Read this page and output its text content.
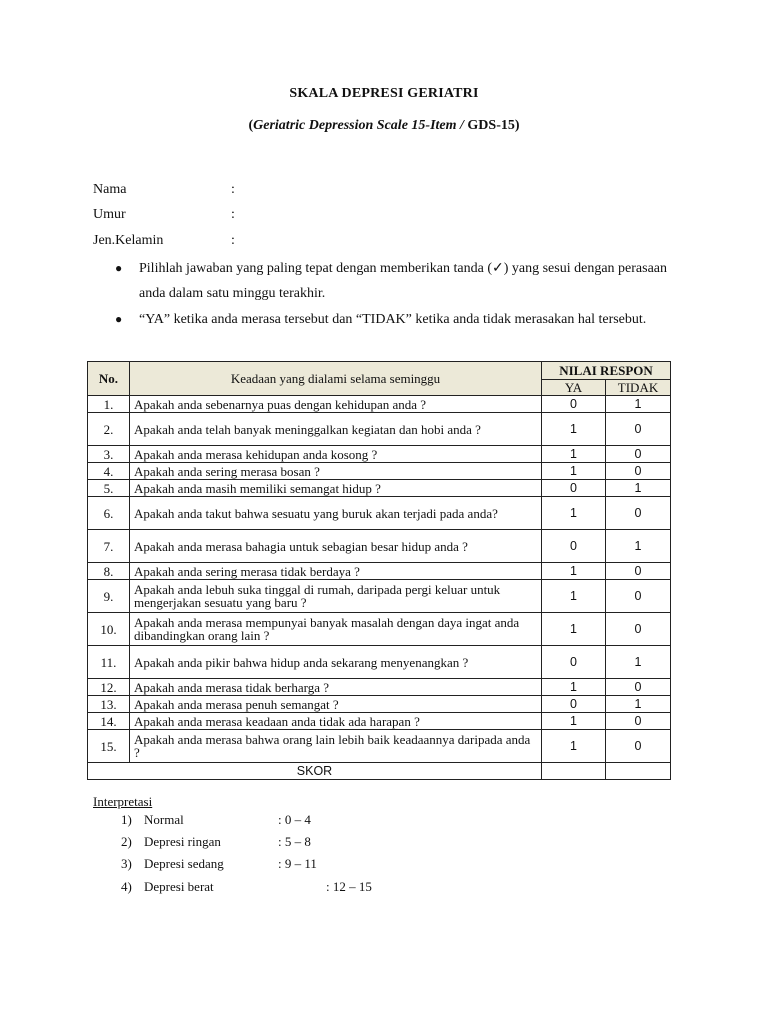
SKALA DEPRESI GERIATRI
(Geriatric Depression Scale 15-Item / GDS-15)
Nama	:
Umur	:
Jen.Kelamin	:
● Pilihlah jawaban yang paling tepat dengan memberikan tanda (✓) yang sesui dengan perasaan anda dalam satu minggu terakhir.
● “YA” ketika anda merasa tersebut dan “TIDAK” ketika anda tidak merasakan hal tersebut.
No.	Keadaan yang dialami selama seminggu	NILAI RESPON	
		YA	TIDAK
1.	Apakah anda sebenarnya puas dengan kehidupan anda ?	0	1
2.	Apakah anda telah banyak meninggalkan kegiatan dan hobi anda ?	1	0
3.	Apakah anda merasa kehidupan anda kosong ?	1	0
4.	Apakah anda sering merasa bosan ?	1	0
5.	Apakah anda masih memiliki semangat hidup ?	0	1
6.	Apakah anda takut bahwa sesuatu yang buruk akan terjadi pada anda?	1	0
7.	Apakah anda merasa bahagia untuk sebagian besar hidup anda ?	0	1
8.	Apakah anda sering merasa tidak berdaya ?	1	0
9.	Apakah anda lebuh suka tinggal di rumah, daripada pergi keluar untuk mengerjakan sesuatu yang baru ?	1	0
10.	Apakah anda merasa mempunyai banyak masalah dengan daya ingat anda dibandingkan orang lain ?	1	0
11.	Apakah anda pikir bahwa hidup anda sekarang menyenangkan ?	0	1
12.	Apakah anda merasa tidak berharga ?	1	0
13.	Apakah anda merasa penuh semangat ?	0	1
14.	Apakah anda merasa keadaan anda tidak ada harapan ?	1	0
15.	Apakah anda merasa bahwa orang lain lebih baik keadaannya daripada anda ?	1	0
SKOR			
Interpretasi
1) Normal	: 0 – 4
2) Depresi ringan	: 5 – 8
3) Depresi sedang	: 9 – 11
4) Depresi berat	: 12 – 15
